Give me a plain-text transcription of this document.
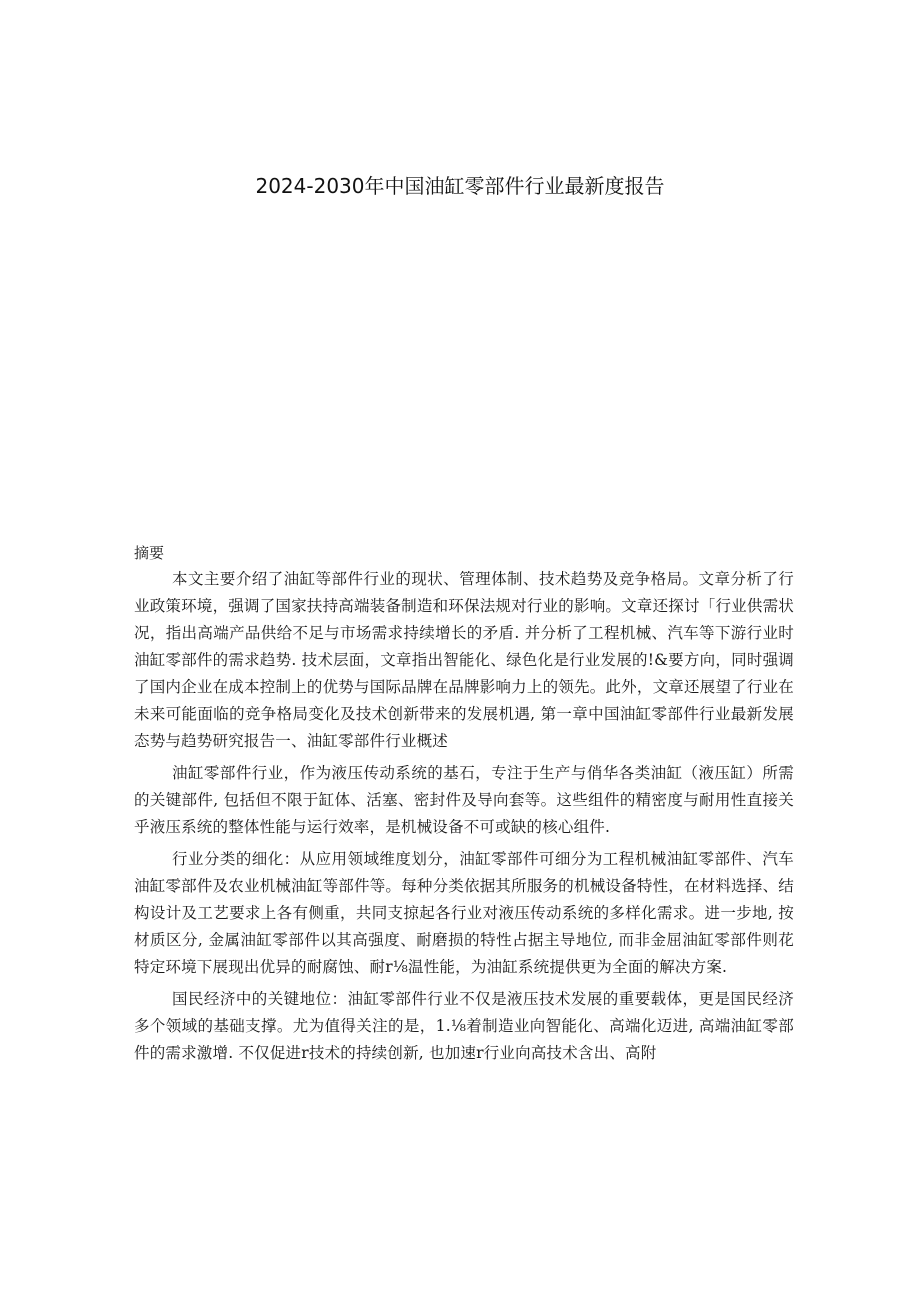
2024-2030年中国油缸零部件行业最新度报告

摘要

本文主要介绍了油缸等部件行业的现状、管理体制、技术趋势及竞争格局。文章分析了行业政策环境，强调了国家扶持高端装备制造和环保法规对行业的影响。文章还探讨「行业供需状况，指出高端产品供给不足与市场需求持续增长的矛盾. 并分析了工程机械、汽车等下游行业时油缸零部件的需求趋势. 技术层面，文章指出智能化、绿色化是行业发展的!&要方向，同时强调了国内企业在成本控制上的优势与国际品牌在品牌影响力上的领先。此外，文章还展望了行业在未来可能面临的竞争格局变化及技术创新带来的发展机遇, 第一章中国油缸零部件行业最新发展态势与趋势研究报告一、油缸零部件行业概述

油缸零部件行业，作为液压传动系统的基石，专注于生产与俏华各类油缸（液压缸）所需的关键部件, 包括但不限于缸体、活塞、密封件及导向套等。这些组件的精密度与耐用性直接关乎液压系统的整体性能与运行效率，是机械设备不可或缺的核心组件.

行业分类的细化：从应用领域维度划分，油缸零部件可细分为工程机械油缸零部件、汽车油缸零部件及农业机械油缸等部件等。每种分类依据其所服务的机械设备特性，在材料选择、结构设计及工艺要求上各有侧重，共同支掠起各行业对液压传动系统的多样化需求。进一步地, 按材质区分, 金属油缸零部件以其高强度、耐磨损的特性占据主导地位, 而非金屈油缸零部件则花特定环境下展现出优异的耐腐蚀、耐r⅛温性能，为油缸系统提供更为全面的解决方案.

国民经济中的关键地位：油缸零部件行业不仅是液压技术发展的重要载体，更是国民经济多个领域的基础支撑。尤为值得关注的是，1.⅛着制造业向智能化、高端化迈进, 高端油缸零部件的需求激增. 不仅促进r技术的持续创新, 也加速r行业向高技术含出、高附
